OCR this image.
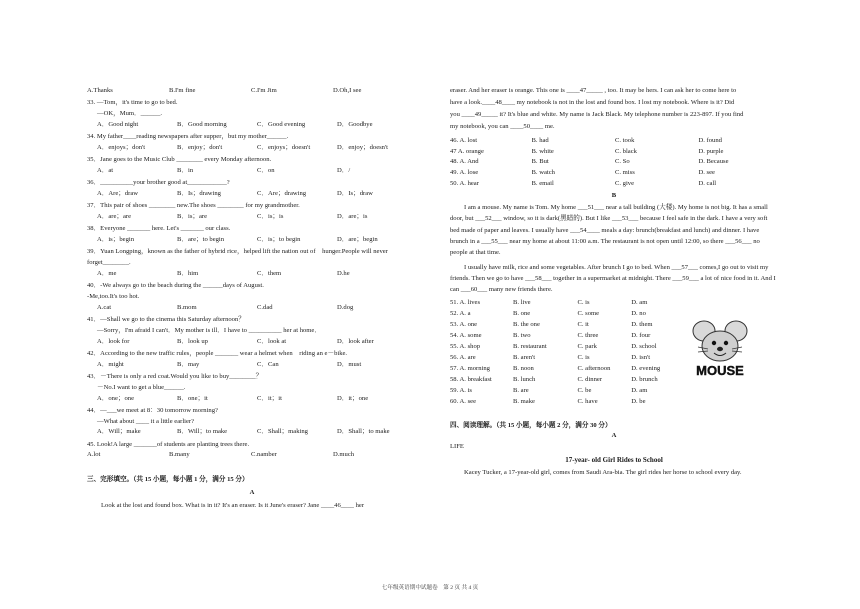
A.Thanks	B.I'm fine	C.I'm Jim	D.Oh,I see
33. —Tom，it's time to go to bed.
—OK，Mum．______.
A．Good night	B．Good morning	C．Good evening	D．Goodbye
34. My father____reading newspapers after supper，but my mother______.
A．enjoys；don't	B．enjoy；don't	C．enjoys；doesn't	D．enjoy；doesn't
35．Jane goes to the Music Club ________ every Monday afternoon.
A．at	B．in	C．on	D．/
36．__________your brother good at____________?
A．Are；draw	B．Is；drawing	C．Are；drawing	D．Is；draw
37．This pair of shoes ________ new.The shoes ________ for my grandmother.
A．are；are	B．is；are	C．is；is	D．are；is
38．Everyone _______ here. Let's _______ our class.
A．is；begin	B．are；to begin	C．is；to begin	D．are；begin
39．Yuan Longping，known as the father of hybrid rice，helped lift the nation out of　hunger.People will never
forget________.
A．me	B．him	C．them	D.he
40．-We always go to the beach during the ______days of August.
-Me,too.It's too hot.
A.cat	B.mom	C.dad	D.dog
41．—Shall we go to the cinema this Saturday afternoon？
—Sorry，I'm afraid I can't．My mother is ill．I have to __________ her at home．
A．look for	B．look up	C．look at	D．look after
42．According to the new traffic rules，people _______ wear a helmet when　riding an e－bike.
A．might	B．may	C．Can	D．must
43．－There is only a red coat.Would you like to buy________？
－No.I want to get a blue______.
A．one；one	B．one；it	C．it；it	D．it；one
44．—___we meet at 8：30 tomorrow morning?
—What about ____ it a little earlier?
A．Will；make	B．Will；to make	C．Shall；making	D．Shall；to make
45. Look!A large _______of students are planting trees there.
A.lot	B.many	C.namber	D.much
三、完形填空。（共 15 小题，每小题 1 分，满分 15 分）
A
Look at the lost and found box. What is in it? It's an eraser. Is it June's eraser? Jane ____46____ her
eraser. And her eraser is orange. This one is ____47_____ , too. It may be hers. I can ask her to come here to
have a look.____48____ my notebook is not in the lost and found box. I lost my notebook. Where is it? Did
you ____49_____ it? It's blue and white. My name is Jack Black. My telephone number is 223-897. If you find
my notebook, you can ____50____ me.
46. A. lost	B. had	C. took	D. found
47 A. orange	B. white	C. black	D. purple
48. A. And	B. But	C. So	D. Because
49. A. lose	B. watch	C. miss	D. see
50. A. hear	B. email	C. give	D. call
B
I am a mouse. My name is Tom. My home ___51___ near a tall building (大楼). My home is not big. It has a small door, but ___52___ window, so it is dark(黑暗的). But I like ___53___ because I feel safe in the dark. I have a very soft bed made of paper and leaves. I usually have ___54____ meals a day: brunch(breakfast and lunch) and dinner. I have brunch in a ___55___ near my home at about 11:00 a.m. The restaurant is not open until 12:00, so there ___56___ no people at that time.
I usually have milk, rice and some vegetables. After brunch I go to bed. When ___57___ comes,I go out to visit my friends. Then we go to have ___58___ together in a supermarket at midnight. There ___59___ a lot of nice food in it. And I can ___60___ many new friends there.
51. A. lives	B. live	C. is	D. am
52. A. a	B. one	C. some	D. no
53. A. one	B. the one	C. it	D. them
54. A. some	B. two	C. three	D. four
55. A. shop	B. restaurant	C. park	D. school
56. A. are	B. aren't	C. is	D. isn't
57. A. morning	B. noon	C. afternoon	D. evening
58. A. breakfast	B. lunch	C. dinner	D. brunch
59. A. is	B. are	C. be	D. am
60. A. see	B. make	C. have	D. be
四、阅读理解。（共 15 小题，每小题 2 分，满分 30 分）
A
LIFE
17-year- old Girl Rides to School
Kacey Tucker, a 17-year-old girl, comes from Saudi Ara-bia. The girl rides her horse to school every day.
MOUSE
七年级英语期中试题卷　第 2 页 共 4 页
